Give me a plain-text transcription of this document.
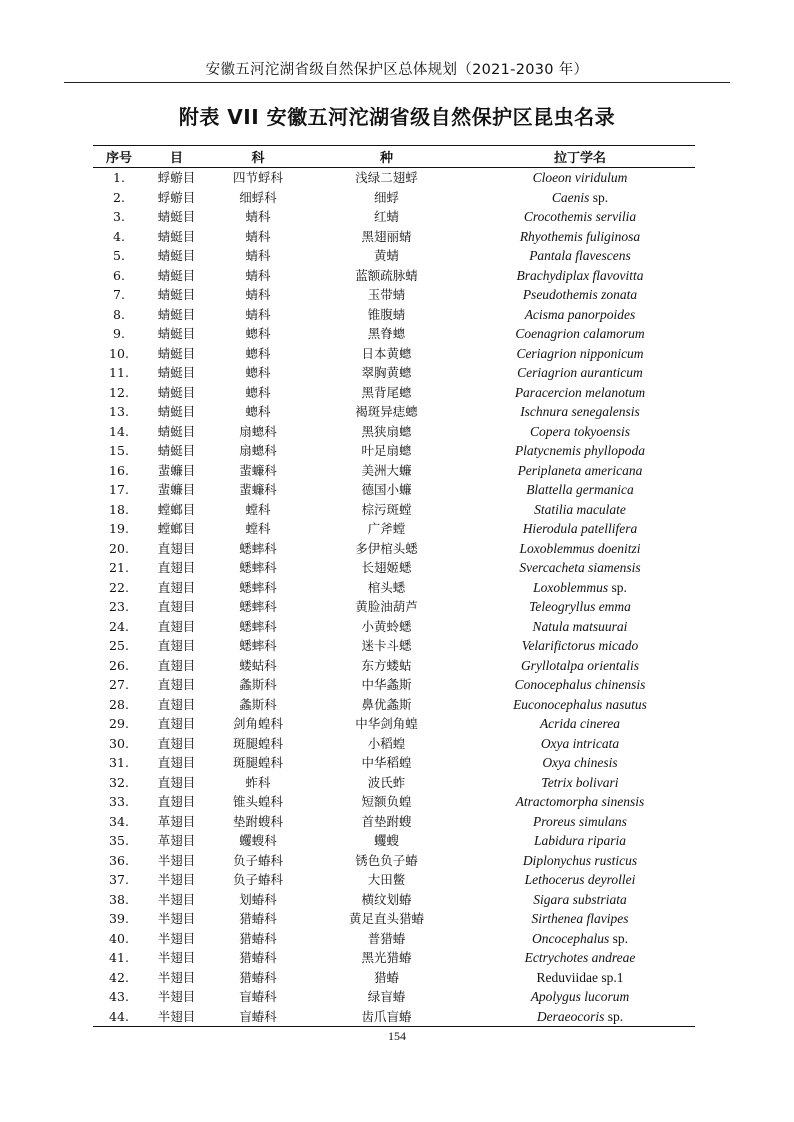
安徽五河沱湖省级自然保护区总体规划（2021-2030 年）
附表 VII 安徽五河沱湖省级自然保护区昆虫名录
序号	目	科	种	拉丁学名
1.	蜉蝣目	四节蜉科	浅绿二翅蜉	Cloeon viridulum
2.	蜉蝣目	细蜉科	细蜉	Caenis sp.
3.	蜻蜓目	蜻科	红蜻	Crocothemis servilia
4.	蜻蜓目	蜻科	黑翅丽蜻	Rhyothemis fuliginosa
5.	蜻蜓目	蜻科	黄蜻	Pantala flavescens
6.	蜻蜓目	蜻科	蓝额疏脉蜻	Brachydiplax flavovitta
7.	蜻蜓目	蜻科	玉带蜻	Pseudothemis zonata
8.	蜻蜓目	蜻科	锥腹蜻	Acisma panorpoides
9.	蜻蜓目	蟌科	黑脊蟌	Coenagrion calamorum
10.	蜻蜓目	蟌科	日本黄蟌	Ceriagrion nipponicum
11.	蜻蜓目	蟌科	翠胸黄蟌	Ceriagrion auranticum
12.	蜻蜓目	蟌科	黑背尾蟌	Paracercion melanotum
13.	蜻蜓目	蟌科	褐斑异痣蟌	Ischnura senegalensis
14.	蜻蜓目	扇蟌科	黑狭扇蟌	Copera tokyoensis
15.	蜻蜓目	扇蟌科	叶足扇蟌	Platycnemis phyllopoda
16.	蜚蠊目	蜚蠊科	美洲大蠊	Periplaneta americana
17.	蜚蠊目	蜚蠊科	德国小蠊	Blattella germanica
18.	螳螂目	螳科	棕污斑螳	Statilia maculate
19.	螳螂目	螳科	广斧螳	Hierodula patellifera
20.	直翅目	蟋蟀科	多伊棺头蟋	Loxoblemmus doenitzi
21.	直翅目	蟋蟀科	长翅姬蟋	Svercacheta siamensis
22.	直翅目	蟋蟀科	棺头蟋	Loxoblemmus sp.
23.	直翅目	蟋蟀科	黄脸油葫芦	Teleogryllus emma
24.	直翅目	蟋蟀科	小黄蛉蟋	Natula matsuurai
25.	直翅目	蟋蟀科	迷卡斗蟋	Velarifictorus micado
26.	直翅目	蝼蛄科	东方蝼蛄	Gryllotalpa orientalis
27.	直翅目	螽斯科	中华螽斯	Conocephalus chinensis
28.	直翅目	螽斯科	鼻优螽斯	Euconocephalus nasutus
29.	直翅目	剑角蝗科	中华剑角蝗	Acrida cinerea
30.	直翅目	斑腿蝗科	小稻蝗	Oxya intricata
31.	直翅目	斑腿蝗科	中华稻蝗	Oxya chinesis
32.	直翅目	蚱科	波氏蚱	Tetrix bolivari
33.	直翅目	锥头蝗科	短额负蝗	Atractomorpha sinensis
34.	革翅目	垫跗螋科	首垫跗螋	Proreus simulans
35.	革翅目	蠼螋科	蠼螋	Labidura riparia
36.	半翅目	负子蝽科	锈色负子蝽	Diplonychus rusticus
37.	半翅目	负子蝽科	大田鳖	Lethocerus deyrollei
38.	半翅目	划蝽科	横纹划蝽	Sigara substriata
39.	半翅目	猎蝽科	黄足直头猎蝽	Sirthenea flavipes
40.	半翅目	猎蝽科	普猎蝽	Oncocephalus sp.
41.	半翅目	猎蝽科	黑光猎蝽	Ectrychotes andreae
42.	半翅目	猎蝽科	猎蝽	Reduviidae sp.1
43.	半翅目	盲蝽科	绿盲蝽	Apolygus lucorum
44.	半翅目	盲蝽科	齿爪盲蝽	Deraeocoris sp.
154
